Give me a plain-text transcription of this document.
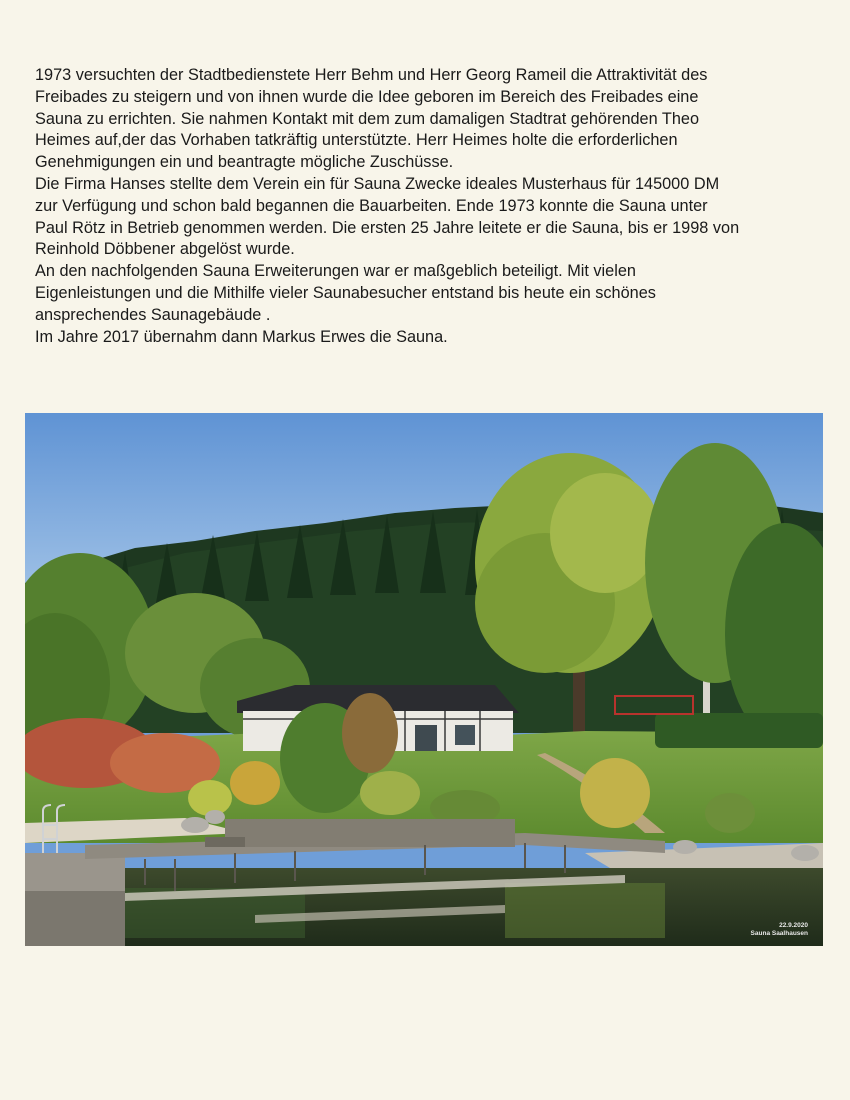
1973 versuchten der Stadtbedienstete Herr Behm und Herr Georg Rameil die Attraktivität des
Freibades zu steigern und von ihnen wurde die Idee geboren im Bereich des Freibades eine
Sauna zu errichten. Sie nahmen Kontakt mit dem zum damaligen Stadtrat gehörenden Theo
Heimes auf,der das Vorhaben tatkräftig unterstützte. Herr Heimes holte die erforderlichen
Genehmigungen ein und beantragte mögliche Zuschüsse.
Die Firma Hanses stellte dem Verein ein für Sauna Zwecke ideales Musterhaus für 145000 DM
zur Verfügung und schon bald begannen die Bauarbeiten. Ende 1973 konnte die Sauna unter
Paul Rötz in Betrieb genommen werden. Die ersten 25 Jahre leitete er die Sauna, bis er 1998 von
Reinhold Döbbener abgelöst wurde.
An den nachfolgenden Sauna Erweiterungen war er maßgeblich beteiligt. Mit vielen
Eigenleistungen und die Mithilfe vieler Saunabesucher entstand bis heute ein schönes
ansprechendes Saunagebäude .
Im Jahre 2017 übernahm dann Markus Erwes die Sauna.
22.9.2020
Sauna Saalhausen
